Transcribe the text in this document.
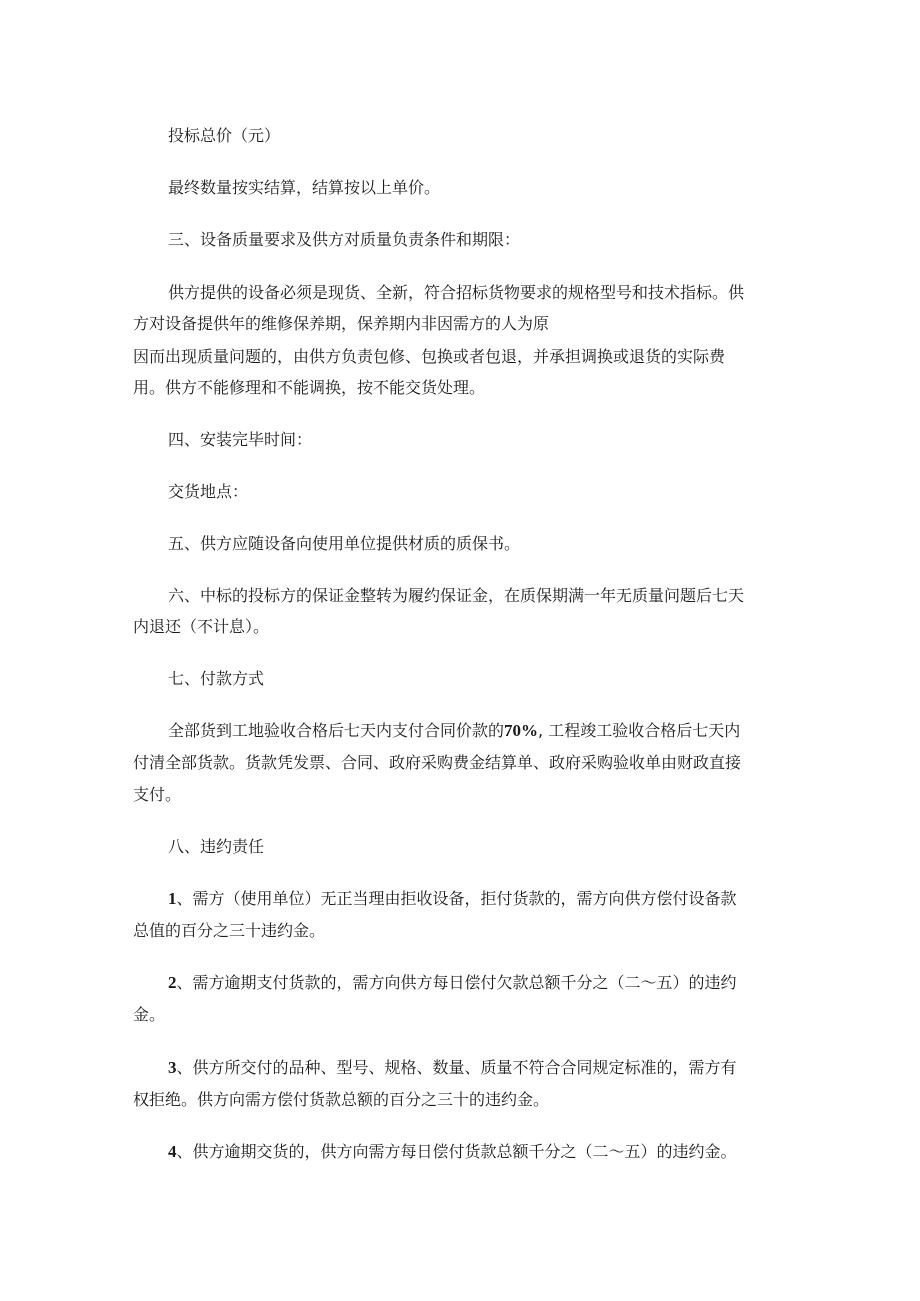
投标总价（元）
最终数量按实结算，结算按以上单价。
三、设备质量要求及供方对质量负责条件和期限：
供方提供的设备必须是现货、全新，符合招标货物要求的规格型号和技术指标。供
方对设备提供年的维修保养期，保养期内非因需方的人为原
因而出现质量问题的，由供方负责包修、包换或者包退，并承担调换或退货的实际费
用。供方不能修理和不能调换，按不能交货处理。
四、安装完毕时间：
交货地点：
五、供方应随设备向使用单位提供材质的质保书。
六、中标的投标方的保证金整转为履约保证金，在质保期满一年无质量问题后七天
内退还（不计息）。
七、付款方式
全部货到工地验收合格后七天内支付合同价款的70%, 工程竣工验收合格后七天内
付清全部货款。货款凭发票、合同、政府采购费金结算单、政府采购验收单由财政直接
支付。
八、违约责任
1、需方（使用单位）无正当理由拒收设备，拒付货款的，需方向供方偿付设备款
总值的百分之三十违约金。
2、需方逾期支付货款的，需方向供方每日偿付欠款总额千分之（二～五）的违约
金。
3、供方所交付的品种、型号、规格、数量、质量不符合合同规定标准的，需方有
权拒绝。供方向需方偿付货款总额的百分之三十的违约金。
4、供方逾期交货的，供方向需方每日偿付货款总额千分之（二～五）的违约金。
